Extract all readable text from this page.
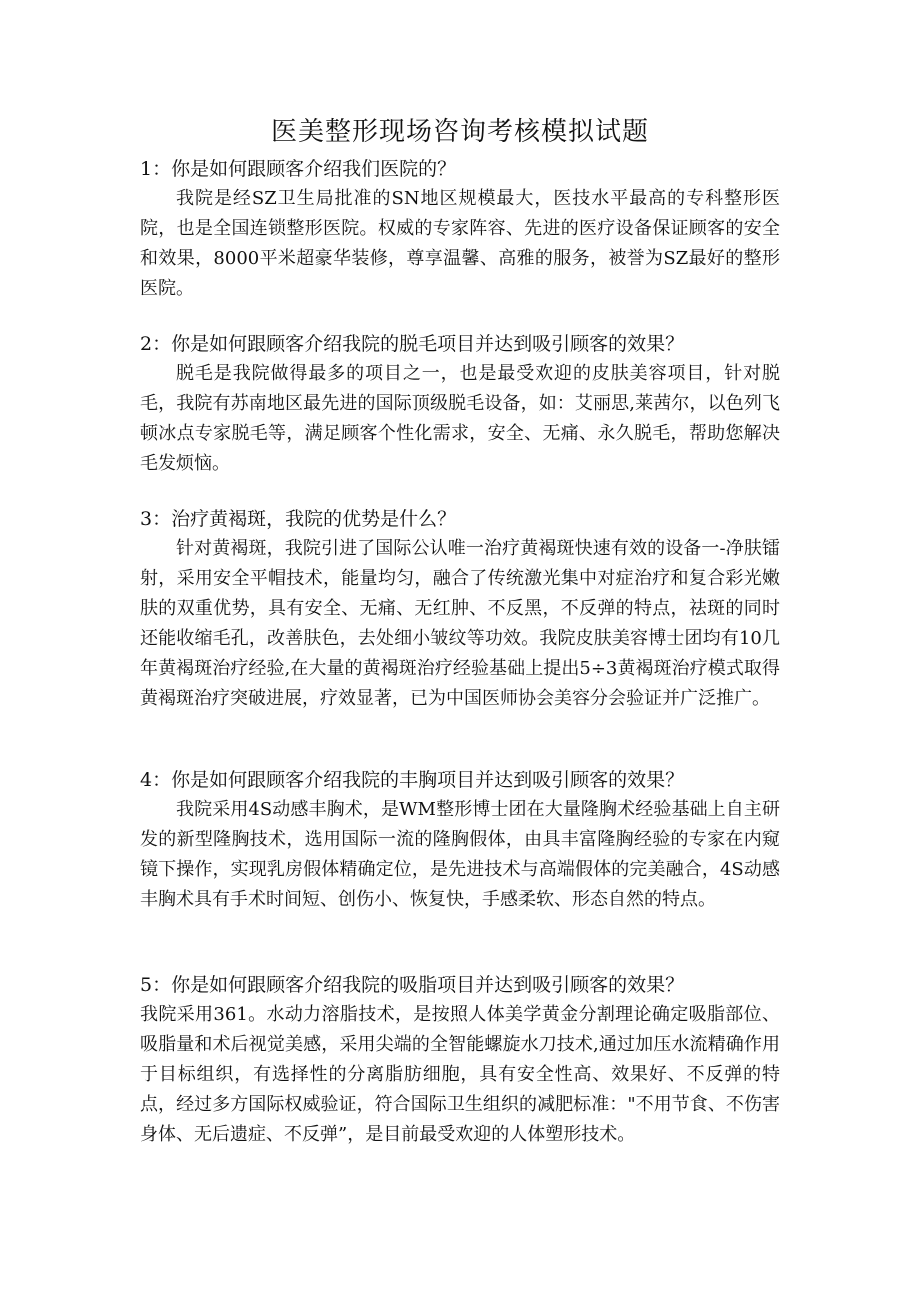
医美整形现场咨询考核模拟试题

1：你是如何跟顾客介绍我们医院的？

我院是经SZ卫生局批准的SN地区规模最大，医技水平最高的专科整形医院，也是全国连锁整形医院。权威的专家阵容、先进的医疗设备保证顾客的安全和效果，8000平米超豪华装修，尊享温馨、高雅的服务，被誉为SZ最好的整形医院。

2：你是如何跟顾客介绍我院的脱毛项目并达到吸引顾客的效果？

脱毛是我院做得最多的项目之一，也是最受欢迎的皮肤美容项目，针对脱毛，我院有苏南地区最先进的国际顶级脱毛设备，如：艾丽思,莱茜尔，以色列飞顿冰点专家脱毛等，满足顾客个性化需求，安全、无痛、永久脱毛，帮助您解决毛发烦恼。

3：治疗黄褐斑，我院的优势是什么？

针对黄褐斑，我院引进了国际公认唯一治疗黄褐斑快速有效的设备一-净肤镭射，采用安全平帽技术，能量均匀，融合了传统激光集中对症治疗和复合彩光嫩肤的双重优势，具有安全、无痛、无红肿、不反黑，不反弹的特点，祛斑的同时还能收缩毛孔，改善肤色，去处细小皱纹等功效。我院皮肤美容博士团均有10几年黄褐斑治疗经验,在大量的黄褐斑治疗经验基础上提出5÷3黄褐斑治疗模式取得黄褐斑治疗突破进展，疗效显著，已为中国医师协会美容分会验证并广泛推广。

4：你是如何跟顾客介绍我院的丰胸项目并达到吸引顾客的效果？

我院采用4S动感丰胸术，是WM整形博士团在大量隆胸术经验基础上自主研发的新型隆胸技术，选用国际一流的隆胸假体，由具丰富隆胸经验的专家在内窥镜下操作，实现乳房假体精确定位，是先进技术与高端假体的完美融合，4S动感丰胸术具有手术时间短、创伤小、恢复快，手感柔软、形态自然的特点。

5：你是如何跟顾客介绍我院的吸脂项目并达到吸引顾客的效果？

我院采用361。水动力溶脂技术，是按照人体美学黄金分割理论确定吸脂部位、吸脂量和术后视觉美感，采用尖端的全智能螺旋水刀技术,通过加压水流精确作用于目标组织，有选择性的分离脂肪细胞，具有安全性高、效果好、不反弹的特点，经过多方国际权威验证，符合国际卫生组织的减肥标准："不用节食、不伤害身体、无后遗症、不反弹”，是目前最受欢迎的人体塑形技术。
